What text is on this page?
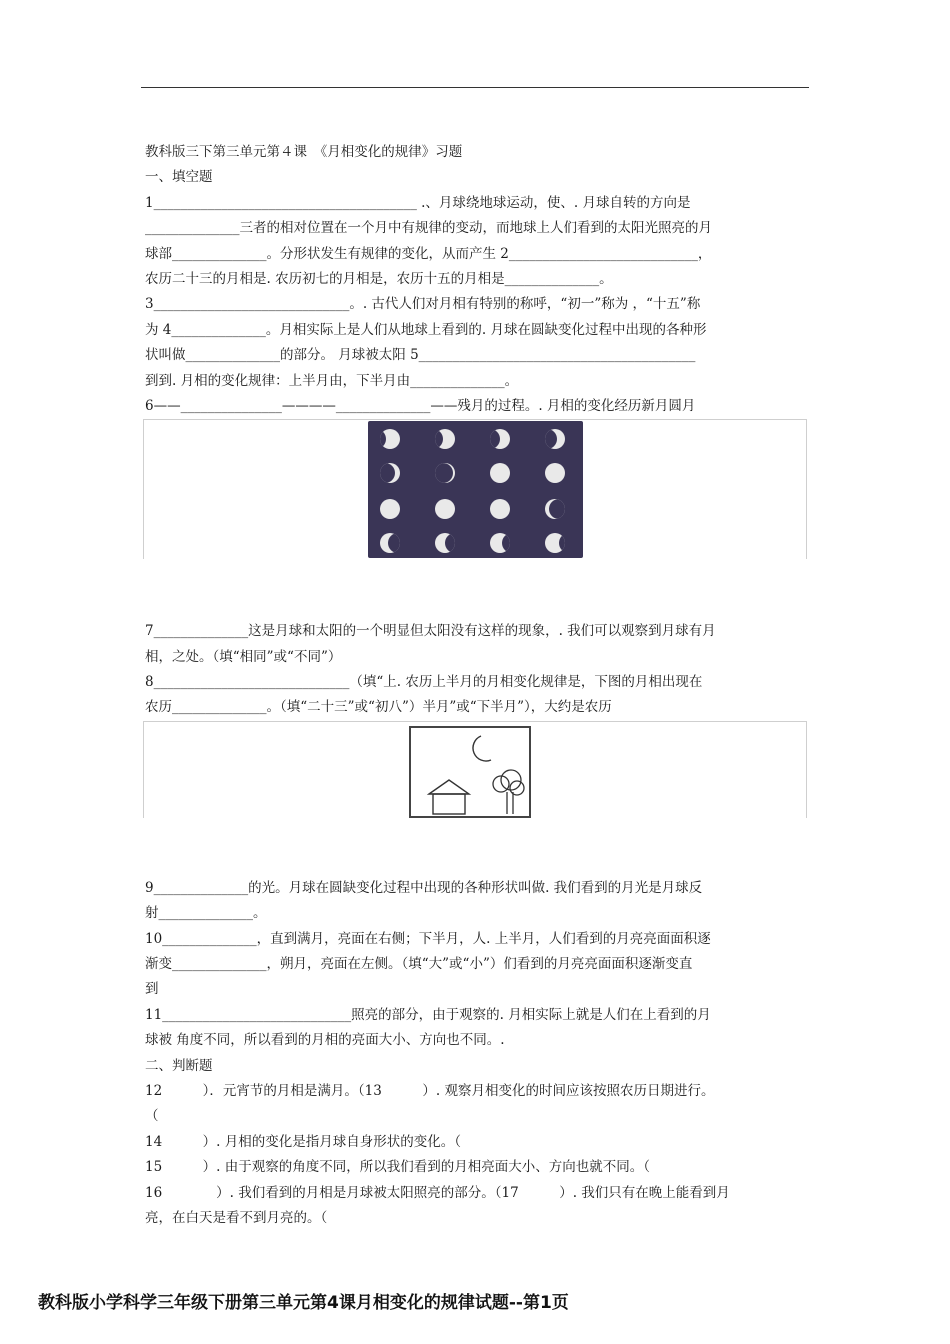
教科版三下第三单元第４课　《月相变化的规律》习题
一、填空题
1_______________________________________ .、月球绕地球运动，使、. 月球自转的方向是
______________三者的相对位置在一个月中有规律的变动，而地球上人们看到的太阳光照亮的月
球部______________。分形状发生有规律的变化，从而产生 2____________________________，
农历二十三的月相是. 农历初七的月相是，农历十五的月相是______________。
3_____________________________。. 古代人们对月相有特别的称呼，“初一”称为 ，“十五”称
为 4______________。月相实际上是人们从地球上看到的. 月球在圆缺变化过程中出现的各种形
状叫做______________的部分。 月球被太阳 5_________________________________________
到到. 月相的变化规律：上半月由，下半月由______________。
6——_______________————______________——残月的过程。. 月相的变化经历新月圆月
7______________这是月球和太阳的一个明显但太阳没有这样的现象，. 我们可以观察到月球有月
相，之处。（填“相同”或“不同”）
8_____________________________（填“上. 农历上半月的月相变化规律是，下图的月相出现在
农历______________。（填“二十三”或“初八”）半月”或“下半月”），大约是农历
9______________的光。月球在圆缺变化过程中出现的各种形状叫做. 我们看到的月光是月球反
射______________。
10______________，直到满月，亮面在右侧；下半月，人. 上半月，人们看到的月亮亮面面积逐
渐变______________，朔月，亮面在左侧。（填“大”或“小”）们看到的月亮亮面面积逐渐变直
到
11____________________________照亮的部分，由于观察的. 月相实际上就是人们在上看到的月
球被 角度不同，所以看到的月相的亮面大小、方向也不同。.
二、判断题
12　　　）．元宵节的月相是满月。（13　　　）. 观察月相变化的时间应该按照农历日期进行。
（
14　　　）. 月相的变化是指月球自身形状的变化。（
15　　　）. 由于观察的角度不同，所以我们看到的月相亮面大小、方向也就不同。（
16　　　　）. 我们看到的月相是月球被太阳照亮的部分。（17　　　）. 我们只有在晚上能看到月
亮，在白天是看不到月亮的。（
教科版小学科学三年级下册第三单元第4课月相变化的规律试题--第1页
